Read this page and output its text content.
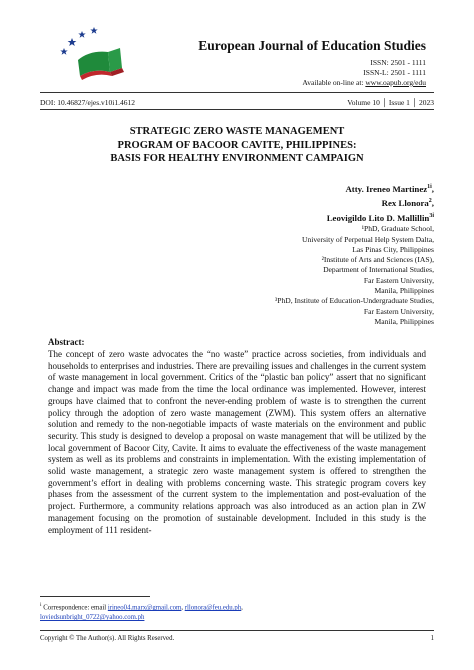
European Journal of Education Studies
ISSN: 2501 - 1111
ISSN-L: 2501 - 1111
Available on-line at: www.oapub.org/edu
DOI: 10.46827/ejes.v10i1.4612	Volume 10 │ Issue 1 │ 2023
STRATEGIC ZERO WASTE MANAGEMENT
PROGRAM OF BACOOR CAVITE, PHILIPPINES:
BASIS FOR HEALTHY ENVIRONMENT CAMPAIGN
Atty. Ireneo Martinez$^{1i}$,
Rex Llonora$^2$,
Leovigildo Lito D. Mallillin$^{3i}$
¹PhD, Graduate School,
University of Perpetual Help System Dalta,
Las Pinas City, Philippines
²Institute of Arts and Sciences (IAS),
Department of International Studies,
Far Eastern University,
Manila, Philippines
³PhD, Institute of Education-Undergraduate Studies,
Far Eastern University,
Manila, Philippines
Abstract:
The concept of zero waste advocates the “no waste” practice across societies, from individuals and households to enterprises and industries. There are prevailing issues and challenges in the current system of waste management in local government. Critics of the “plastic ban policy” assert that no significant change and impact was made from the time the local ordinance was implemented. However, interest groups have claimed that to confront the never-ending problem of waste is to strengthen the current policy through the adoption of zero waste management (ZWM). This system offers an alternative solution and remedy to the non-negotiable impacts of waste materials on the environment and public security. This study is designed to develop a proposal on waste management that will be utilized by the local government of Bacoor City, Cavite. It aims to evaluate the effectiveness of the waste management system as well as its problems and constraints in implementation. With the existing implementation of solid waste management, a strategic zero waste management system is offered to strengthen the government’s effort in dealing with problems concerning waste. This strategic program covers key phases from the assessment of the current system to the implementation and post-evaluation of the project. Furthermore, a community relations approach was also introduced as an action plan in ZW management focusing on the promotion of sustainable development. Included in this study is the employment of 111 resident-
$^i$ Correspondence: email irineo04.marx@gmail.com, rllonora@feu.edu.ph,
loviedsunbright_0722@yahoo.com.ph
Copyright © The Author(s). All Rights Reserved.	1
